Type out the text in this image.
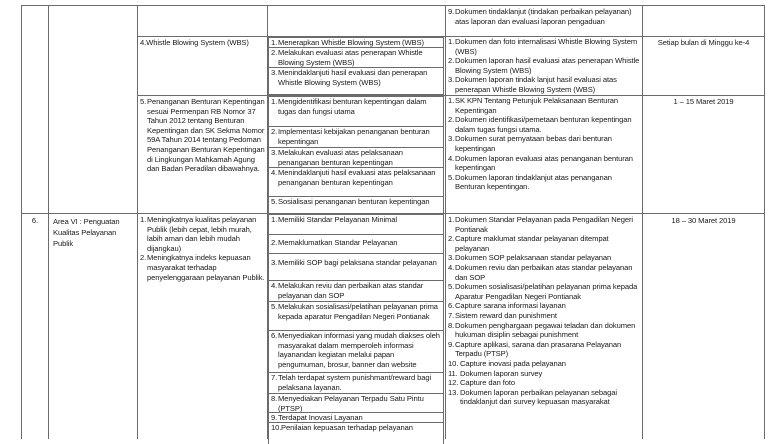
9. Dokumen tindaklanjut (tindakan perbaikan pelayanan) atas laporan dan evaluasi laporan pengaduan
4.Whistle Blowing System (WBS)	1. Menerapkan Whistle Blowing System (WBS)
2. Melakukan evaluasi atas penerapan Whistle Blowing System (WBS)
3. Menindaklanjuti hasil evaluasi dan penerapan Whistle Blowing System (WBS)
1. Dokumen dan foto internalisasi Whistle Blowing System (WBS)
2. Dokumen laporan hasil evaluasi atas penerapan Whistle Blowing System (WBS)
3. Dokumen laporan tindak lanjut hasil evaluasi atas penerapan Whistle Blowing System (WBS)
Setiap bulan di Minggu ke-4
5. Penanganan Benturan Kepentingan sesuai Permenpan RB Nomor 37 Tahun 2012 tentang Benturan Kepentingan dan SK Sekma Nomor 59A Tahun 2014 tentang Pedoman Penanganan Benturan Kepentingan di Lingkungan Mahkamah Agung dan Badan Peradilan dibawahnya.
1. Mengidentifikasi benturan kepentingan dalam tugas dan fungsi utama
2. Implementasi kebijakan penanganan benturan kepentingan
3. Melakukan evaluasi atas pelaksanaan penanganan benturan kepentingan
4. Menindaklanjuti hasil evaluasi atas pelaksanaan penanganan benturan kepentingan
5. Sosialisasi penanganan benturan kepentingan
1. SK KPN Tentang Petunjuk Pelaksanaan Benturan Kepentingan
2. Dokumen identifikasi/pemetaan benturan kepentingan dalam tugas fungsi utama.
3. Dokumen surat pernyataan bebas dari benturan kepentingan
4. Dokumen laporan evaluasi atas penanganan benturan kepentingan
5. Dokumen laporan tindaklanjut atas penanganan Benturan kepentingan.
1 – 15 Maret 2019
6.	Area VI : Penguatan Kualitas Pelayanan Publik
1. Meningkatnya kualitas pelayanan Publik (lebih cepat, lebih murah, labih aman dan lebih mudah dijangkau)
2. Meningkatnya indeks kepuasan masyarakat terhadap penyelenggaraan pelayanan Publik.
1. Memiliki Standar Pelayanan Minimal
2. Memaklumatkan Standar Pelayanan
3. Memiliki SOP bagi pelaksana standar pelayanan
4. Melakukan reviu dan perbaikan atas standar pelayanan dan SOP
5. Melakukan sosialisasi/pelatihan pelayanan prima kepada aparatur Pengadilan Negeri Pontianak
6. Menyediakan informasi yang mudah diakses oleh masyarakat dalam memperoleh informasi layanandan kegiatan melalui papan pengumuman, brosur, banner dan website
7. Telah terdapat system punishmant/reward bagi pelaksana layanan.
8. Menyediakan Pelayanan Terpadu Satu Pintu (PTSP)
9. Terdapat Inovasi Layanan
10. Penilaian kepuasan terhadap pelayanan
1. Dokumen Standar Pelayanan pada Pengadilan Negeri Pontianak
2. Capture maklumat standar pelayanan ditempat pelayanan
3. Dokumen SOP pelaksanaan standar pelayanan
4. Dokumen reviu dan perbaikan atas standar pelayanan dan SOP
5. Dokumen sosialisasi/pelatihan pelayanan prima kepada Aparatur Pengadilan Negeri Pontianak
6. Capture sarana informasi layanan
7. Sistem reward dan punishment
8. Dokumen penghargaan pegawai teladan dan dokumen hukuman disiplin sebagai punishment
9. Capture aplikasi, sarana dan prasarana Pelayanan Terpadu (PTSP)
10. Capture inovasi pada pelayanan
11. Dokumen laporan survey
12. Capture dan foto
13. Dokumen laporan perbaikan pelayanan sebagai tindaklanjut dari survey kepuasan masyarakat
18 – 30 Maret 2019
